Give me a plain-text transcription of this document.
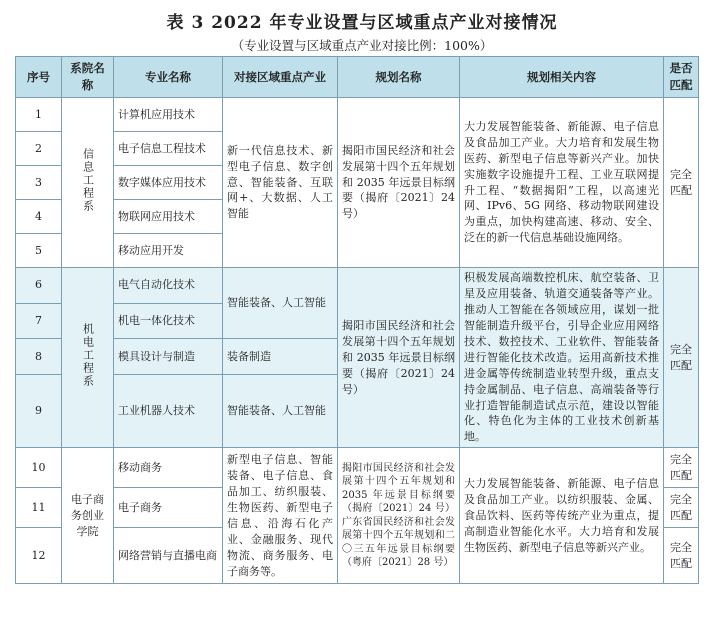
表 3 2022 年专业设置与区域重点产业对接情况
（专业设置与区域重点产业对接比例：100%）
序号	系院名称	专业名称	对接区域重点产业	规划名称	规划相关内容	是否匹配
1	信息工程系	计算机应用技术	新一代信息技术、新型电子信息、数字创意、智能装备、互联网+、大数据、人工智能	揭阳市国民经济和社会发展第十四个五年规划和 2035 年远景目标纲要（揭府〔2021〕24 号）	大力发展智能装备、新能源、电子信息及食品加工产业。大力培育和发展生物医药、新型电子信息等新兴产业。加快实施数字设施提升工程、工业互联网提升工程、“数据揭阳”工程，以高速光网、IPv6、5G 网络、移动物联网建设为重点，加快构建高速、移动、安全、泛在的新一代信息基础设施网络。	完全匹配
2		电子信息工程技术				
3		数字媒体应用技术				
4		物联网应用技术				
5		移动应用开发				
6	机电工程系	电气自动化技术	智能装备、人工智能	揭阳市国民经济和社会发展第十四个五年规划和 2035 年远景目标纲要（揭府〔2021〕24 号）	积极发展高端数控机床、航空装备、卫星及应用装备、轨道交通装备等产业。推动人工智能在各领域应用，谋划一批智能制造升级平台，引导企业应用网络技术、数控技术、工业软件、智能装备进行智能化技术改造。运用高新技术推进金属等传统制造业转型升级，重点支持金属制品、电子信息、高端装备等行业打造智能制造试点示范，建设以智能化、特色化为主体的工业技术创新基地。	完全匹配
7		机电一体化技术				
8		模具设计与制造	装备制造			
9		工业机器人技术	智能装备、人工智能			
10	电子商务创业学院	移动商务	新型电子信息、智能装备、电子信息、食品加工、纺织服装、生物医药、新型电子信息、沿海石化产业、金融服务、现代物流、商务服务、电子商务等。	揭阳市国民经济和社会发展第十四个五年规划和 2035 年远景目标纲要（揭府〔2021〕24 号）广东省国民经济和社会发展第十四个五年规划和二〇三五年远景目标纲要（粤府〔2021〕28 号）	大力发展智能装备、新能源、电子信息及食品加工产业。以纺织服装、金属、食品饮料、医药等传统产业为重点，提高制造业智能化水平。大力培育和发展生物医药、新型电子信息等新兴产业。	完全匹配
11		电子商务				完全匹配
12		网络营销与直播电商				完全匹配
